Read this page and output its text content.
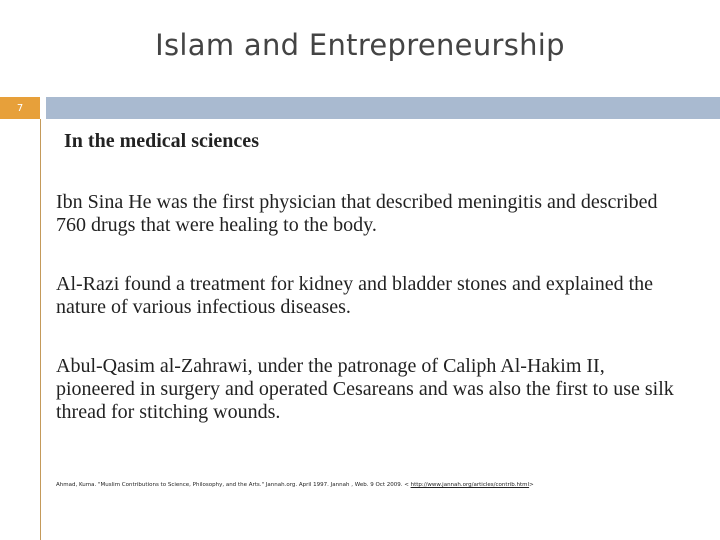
Islam and Entrepreneurship
7
In the medical sciences
Ibn Sina He was the first physician that described meningitis and described 760 drugs that were healing to the body.
Al-Razi found a treatment for kidney and bladder stones and explained the nature of various infectious diseases.
Abul-Qasim al-Zahrawi, under the patronage of Caliph Al-Hakim II, pioneered in surgery and operated Cesareans and was also the first to use silk thread for stitching wounds.
Ahmad, Kuma. "Muslim Contributions to Science, Philosophy, and the Arts." Jannah.org. April 1997. Jannah , Web. 9 Oct 2009. < http://www.jannah.org/articles/contrib.html>
